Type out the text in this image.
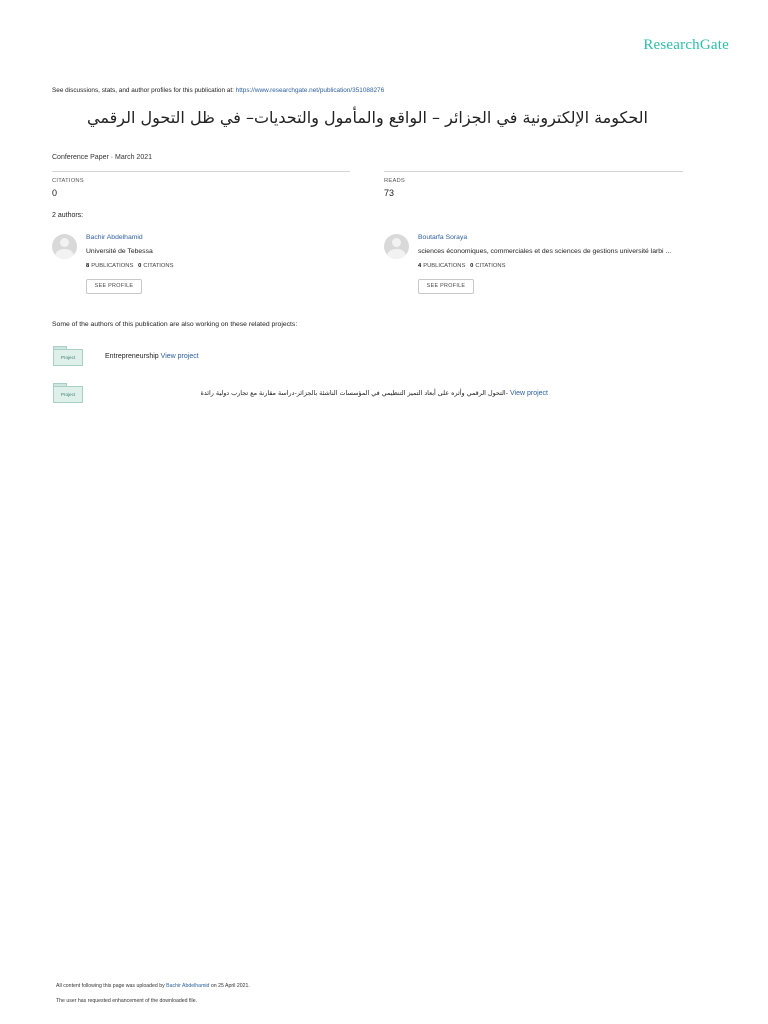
ResearchGate
See discussions, stats, and author profiles for this publication at: https://www.researchgate.net/publication/351088276
الحكومة الإلكترونية في الجزائر – الواقع والمأمول والتحديات– في ظل التحول الرقمي
Conference Paper · March 2021
CITATIONS
0
READS
73
2 authors:
Bachir Abdelhamid
Université de Tebessa
8 PUBLICATIONS 0 CITATIONS
SEE PROFILE
Boutarfa Soraya
sciences économiques, commerciales et des sciences de gestions université larbi ...
4 PUBLICATIONS 0 CITATIONS
SEE PROFILE
Some of the authors of this publication are also working on these related projects:
Project	Entrepreneurship View project
Project	التحول الرقمي وأثره على أبعاد التميز التنظيمي في المؤسسات الناشئة بالجزائر-دراسة مقارنة مع تجارب دولية رائدة- View project
All content following this page was uploaded by Bachir Abdelhamid on 25 April 2021.
The user has requested enhancement of the downloaded file.
